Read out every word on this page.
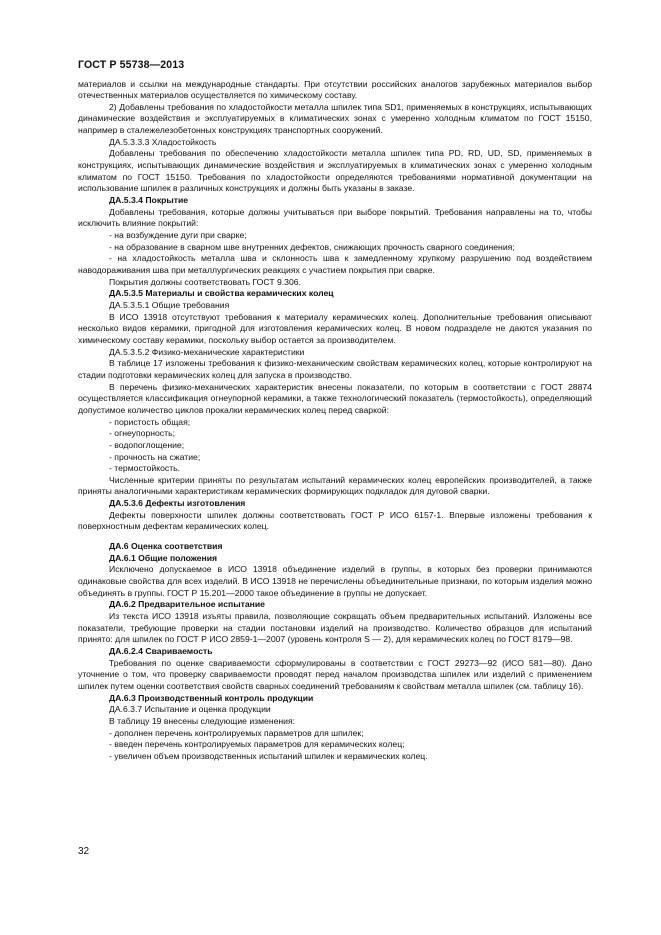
ГОСТ Р 55738—2013

материалов и ссылки на международные стандарты. При отсутствии российских аналогов зарубежных материалов выбор отечественных материалов осуществляется по химическому составу.

2) Добавлены требования по хладостойкости металла шпилек типа SD1, применяемых в конструкциях, испытывающих динамические воздействия и эксплуатируемых в климатических зонах с умеренно холодным климатом по ГОСТ 15150, например в сталежелезобетонных конструкциях транспортных сооружений.

ДА.5.3.3.3 Хладостойкость

Добавлены требования по обеспечению хладостойкости металла шпилек типа PD, RD, UD, SD, применяемых в конструкциях, испытывающих динамические воздействия и эксплуатируемых в климатических зонах с умеренно холодным климатом по ГОСТ 15150. Требования по хладостойкости определяются требованиями нормативной документации на использование шпилек в различных конструкциях и должны быть указаны в заказе.

ДА.5.3.4 Покрытие

Добавлены требования, которые должны учитываться при выборе покрытий. Требования направлены на то, чтобы исключить влияние покрытий:

- на возбуждение дуги при сварке;

- на образование в сварном шве внутренних дефектов, снижающих прочность сварного соединения;

- на хладостойкость металла шва и склонность шва к замедленному хрупкому разрушению под воздействием наводораживания шва при металлургических реакциях с участием покрытия при сварке.

Покрытия должны соответствовать ГОСТ 9.306.

ДА.5.3.5 Материалы и свойства керамических колец

ДА.5.3.5.1 Общие требования

В ИСО 13918 отсутствуют требования к материалу керамических колец. Дополнительные требования описывают несколько видов керамики, пригодной для изготовления керамических колец. В новом подразделе не даются указания по химическому составу керамики, поскольку выбор остается за производителем.

ДА.5.3.5.2 Физико-механические характеристики

В таблице 17 изложены требования к физико-механическим свойствам керамических колец, которые контролируют на стадии подготовки керамических колец для запуска в производство.

В перечень физико-механических характеристик внесены показатели, по которым в соответствии с ГОСТ 28874 осуществляется классификация огнеупорной керамики, а также технологический показатель (термостойкость), определяющий допустимое количество циклов прокалки керамических колец перед сваркой:

- пористость общая;

- огнеупорность;

- водопоглощение;

- прочность на сжатие;

- термостойкость.

Численные критерии приняты по результатам испытаний керамических колец европейских производителей, а также приняты аналогичными характеристикам керамических формирующих подкладок для дуговой сварки.

ДА.5.3.6 Дефекты изготовления

Дефекты поверхности шпилек должны соответствовать ГОСТ Р ИСО 6157-1. Впервые изложены требования к поверхностным дефектам керамических колец.

ДА.6 Оценка соответствия

ДА.6.1 Общие положения

Исключено допускаемое в ИСО 13918 объединение изделий в группы, в которых без проверки принимаются одинаковые свойства для всех изделий. В ИСО 13918 не перечислены объединительные признаки, по которым изделия можно объединять в группы. ГОСТ Р 15.201—2000 такое объединение в группы не допускает.

ДА.6.2 Предварительное испытание

Из текста ИСО 13918 изъяты правила, позволяющие сокращать объем предварительных испытаний. Изложены все показатели, требующие проверки на стадии постановки изделий на производство. Количество образцов для испытаний принято: для шпилек по ГОСТ Р ИСО 2859-1—2007 (уровень контроля S — 2), для керамических колец по ГОСТ 8179—98.

ДА.6.2.4 Свариваемость

Требования по оценке свариваемости сформулированы в соответствии с ГОСТ 29273—92 (ИСО 581—80). Дано уточнение о том, что проверку свариваемости проводят перед началом производства шпилек или изделий с применением шпилек путем оценки соответствия свойств сварных соединений требованиям к свойствам металла шпилек (см. таблицу 16).

ДА.6.3 Производственный контроль продукции

ДА.6.3.7 Испытание и оценка продукции

В таблицу 19 внесены следующие изменения:

- дополнен перечень контролируемых параметров для шпилек;

- введен перечень контролируемых параметров для керамических колец;

- увеличен объем производственных испытаний шпилек и керамических колец.

32
